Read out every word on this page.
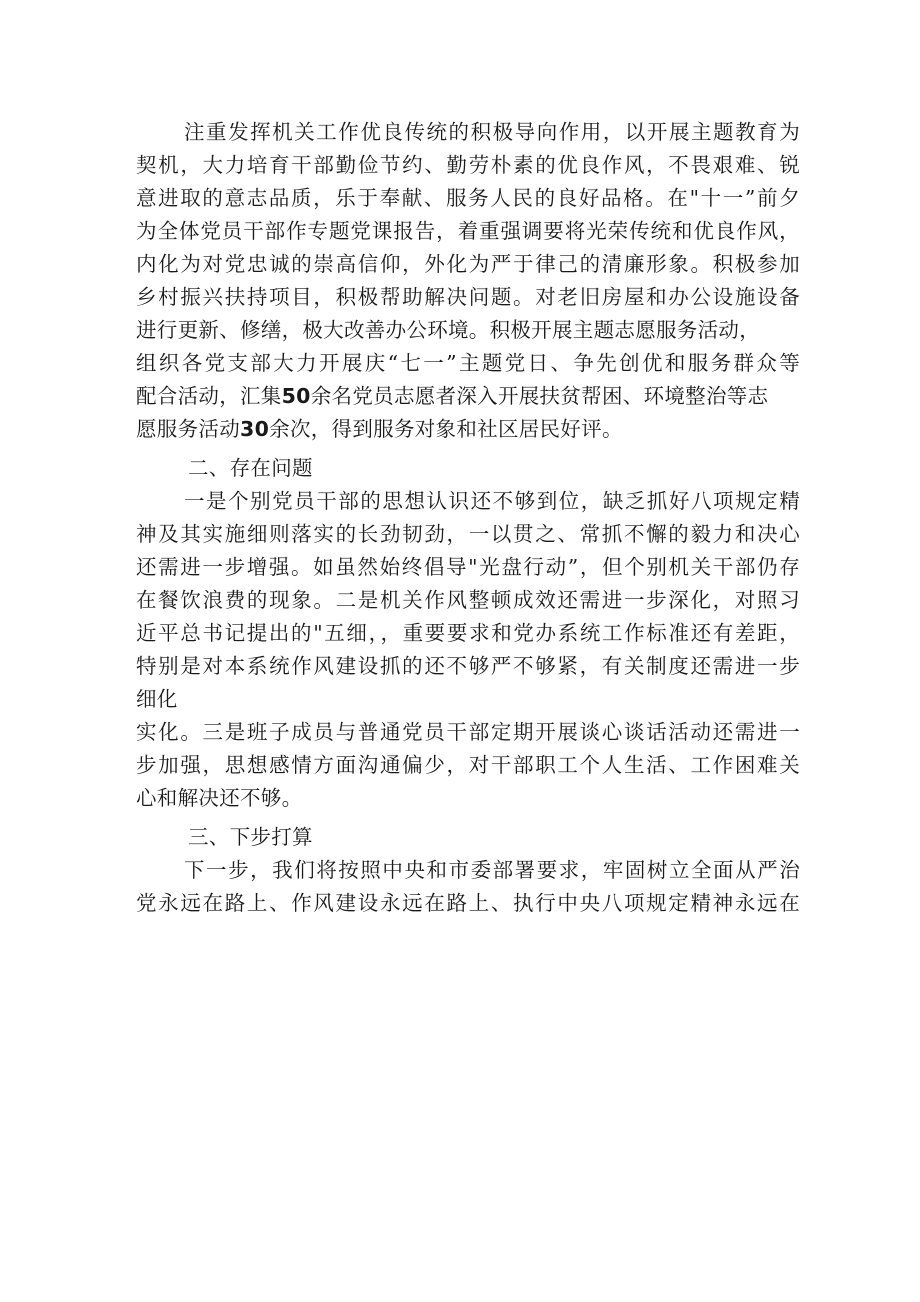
注重发挥机关工作优良传统的积极导向作用，以开展主题教育为
契机，大力培育干部勤俭节约、勤劳朴素的优良作风，不畏艰难、锐
意进取的意志品质，乐于奉献、服务人民的良好品格。在"十一”前夕
为全体党员干部作专题党课报告，着重强调要将光荣传统和优良作风，
内化为对党忠诚的崇高信仰，外化为严于律己的清廉形象。积极参加
乡村振兴扶持项目，积极帮助解决问题。对老旧房屋和办公设施设备
进行更新、修缮，极大改善办公环境。积极开展主题志愿服务活动，
组织各党支部大力开展庆“七一”主题党日、争先创优和服务群众等
配合活动，汇集50余名党员志愿者深入开展扶贫帮困、环境整治等志
愿服务活动30余次，得到服务对象和社区居民好评。
二、存在问题
一是个别党员干部的思想认识还不够到位，缺乏抓好八项规定精
神及其实施细则落实的长劲韧劲，一以贯之、常抓不懈的毅力和决心
还需进一步增强。如虽然始终倡导"光盘行动”，但个别机关干部仍存
在餐饮浪费的现象。二是机关作风整顿成效还需进一步深化，对照习
近平总书记提出的"五细，，重要要求和党办系统工作标准还有差距，
特别是对本系统作风建设抓的还不够严不够紧，有关制度还需进一步
细化
实化。三是班子成员与普通党员干部定期开展谈心谈话活动还需进一
步加强，思想感情方面沟通偏少，对干部职工个人生活、工作困难关
心和解决还不够。
三、下步打算
下一步，我们将按照中央和市委部署要求，牢固树立全面从严治
党永远在路上、作风建设永远在路上、执行中央八项规定精神永远在
